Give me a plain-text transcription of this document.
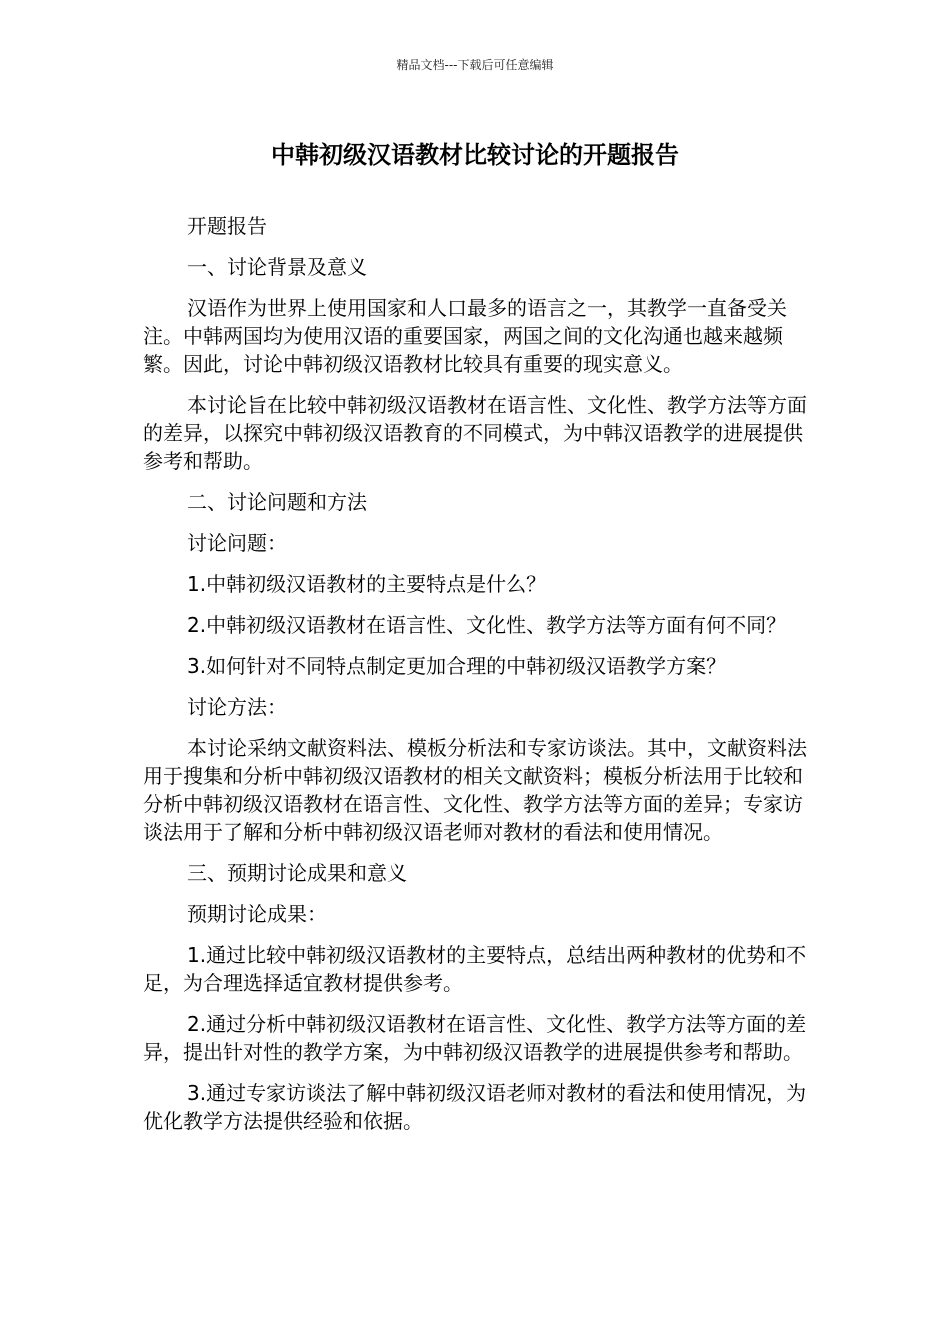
精品文档---下载后可任意编辑
中韩初级汉语教材比较讨论的开题报告

开题报告

一、讨论背景及意义

汉语作为世界上使用国家和人口最多的语言之一，其教学一直备受关注。中韩两国均为使用汉语的重要国家，两国之间的文化沟通也越来越频繁。因此，讨论中韩初级汉语教材比较具有重要的现实意义。

本讨论旨在比较中韩初级汉语教材在语言性、文化性、教学方法等方面的差异，以探究中韩初级汉语教育的不同模式，为中韩汉语教学的进展提供参考和帮助。

二、讨论问题和方法

讨论问题：

1.中韩初级汉语教材的主要特点是什么？

2.中韩初级汉语教材在语言性、文化性、教学方法等方面有何不同？

3.如何针对不同特点制定更加合理的中韩初级汉语教学方案？

讨论方法：

本讨论采纳文献资料法、模板分析法和专家访谈法。其中，文献资料法用于搜集和分析中韩初级汉语教材的相关文献资料；模板分析法用于比较和分析中韩初级汉语教材在语言性、文化性、教学方法等方面的差异；专家访谈法用于了解和分析中韩初级汉语老师对教材的看法和使用情况。

三、预期讨论成果和意义

预期讨论成果：

1.通过比较中韩初级汉语教材的主要特点，总结出两种教材的优势和不足，为合理选择适宜教材提供参考。

2.通过分析中韩初级汉语教材在语言性、文化性、教学方法等方面的差异，提出针对性的教学方案，为中韩初级汉语教学的进展提供参考和帮助。

3.通过专家访谈法了解中韩初级汉语老师对教材的看法和使用情况，为优化教学方法提供经验和依据。
